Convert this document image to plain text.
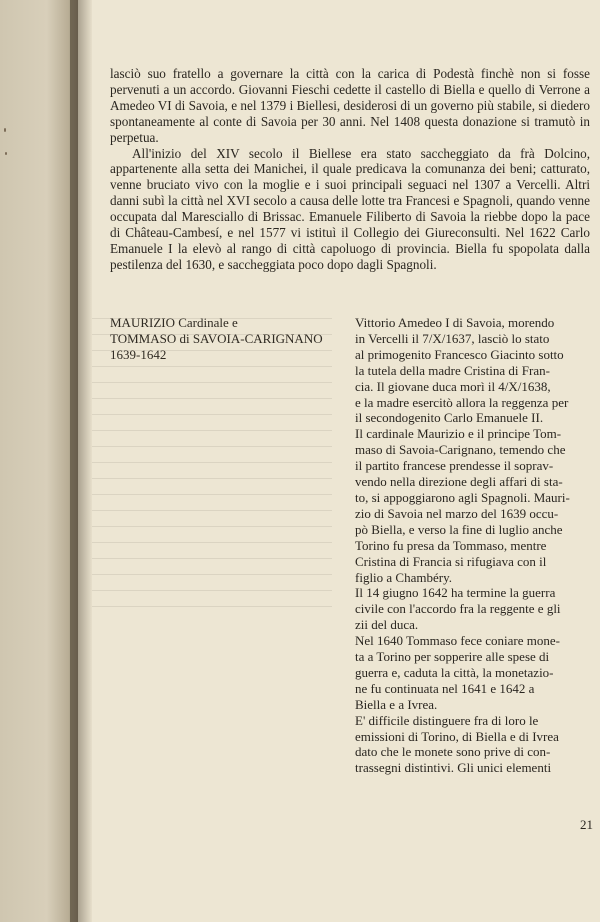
lasciò suo fratello a governare la città con la carica di Podestà finchè non si fosse pervenuti a un accordo. Giovanni Fieschi cedette il castello di Biella e quello di Verrone a Amedeo VI di Savoia, e nel 1379 i Biellesi, desiderosi di un governo più stabile, si diedero spontaneamente al conte di Savoia per 30 anni. Nel 1408 questa donazione si tramutò in perpetua.

All'inizio del XIV secolo il Biellese era stato saccheggiato da frà Dolcino, appartenente alla setta dei Manichei, il quale predicava la comunanza dei beni; catturato, venne bruciato vivo con la moglie e i suoi principali seguaci nel 1307 a Vercelli. Altri danni subì la città nel XVI secolo a causa delle lotte tra Francesi e Spagnoli, quando venne occupata dal Maresciallo di Brissac. Emanuele Filiberto di Savoia la riebbe dopo la pace di Château-Cambesí, e nel 1577 vi istituì il Collegio dei Giureconsulti. Nel 1622 Carlo Emanuele I la elevò al rango di città capoluogo di provincia. Biella fu spopolata dalla pestilenza del 1630, e saccheggiata poco dopo dagli Spagnoli.

MAURIZIO Cardinale e
TOMMASO di SAVOIA-CARIGNANO
1639-1642
Vittorio Amedeo I di Savoia, morendo
in Vercelli il 7/X/1637, lasciò lo stato
al primogenito Francesco Giacinto sotto
la tutela della madre Cristina di Fran-
cia. Il giovane duca morì il 4/X/1638,
e la madre esercitò allora la reggenza per
il secondogenito Carlo Emanuele II.
Il cardinale Maurizio e il principe Tom-
maso di Savoia-Carignano, temendo che
il partito francese prendesse il soprav-
vendo nella direzione degli affari di sta-
to, si appoggiarono agli Spagnoli. Mauri-
zio di Savoia nel marzo del 1639 occu-
pò Biella, e verso la fine di luglio anche
Torino fu presa da Tommaso, mentre
Cristina di Francia si rifugiava con il
figlio a Chambéry.
Il 14 giugno 1642 ha termine la guerra
civile con l'accordo fra la reggente e gli
zii del duca.
Nel 1640 Tommaso fece coniare mone-
ta a Torino per sopperire alle spese di
guerra e, caduta la città, la monetazio-
ne fu continuata nel 1641 e 1642 a
Biella e a Ivrea.
E' difficile distinguere fra di loro le
emissioni di Torino, di Biella e di Ivrea
dato che le monete sono prive di con-
trassegni distintivi. Gli unici elementi
21
